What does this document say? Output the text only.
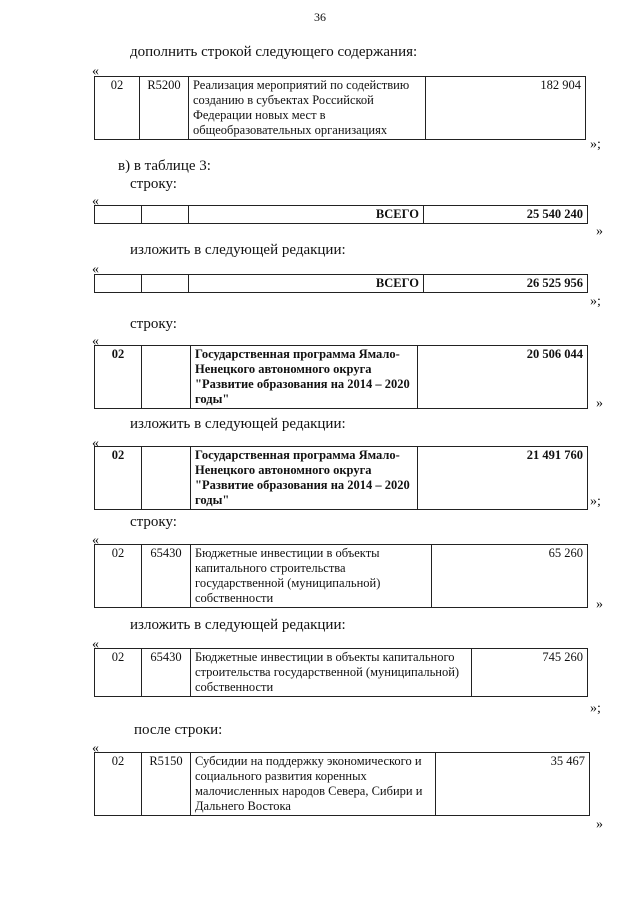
36
дополнить строкой следующего содержания:
«
02	R5200	Реализация мероприятий по содействию созданию в субъектах Российской Федерации новых мест в общеобразовательных организациях	182 904
»;
в) в таблице 3:
строку:
«
		ВСЕГО	25 540 240
»
изложить в следующей редакции:
«
		ВСЕГО	26 525 956
»;
строку:
«
02		Государственная программа Ямало-Ненецкого автономного округа "Развитие образования на 2014 – 2020 годы"	20 506 044
»
изложить в следующей редакции:
«
02		Государственная программа Ямало-Ненецкого автономного округа "Развитие образования на 2014 – 2020 годы"	21 491 760
»;
строку:
«
02	65430	Бюджетные инвестиции в объекты капитального строительства государственной (муниципальной) собственности	65 260
»
изложить в следующей редакции:
«
02	65430	Бюджетные инвестиции в объекты капитального строительства государственной (муниципальной) собственности	745 260
»;
после строки:
«
02	R5150	Субсидии на поддержку экономического и социального развития коренных малочисленных народов Севера, Сибири и Дальнего Востока	35 467
»
